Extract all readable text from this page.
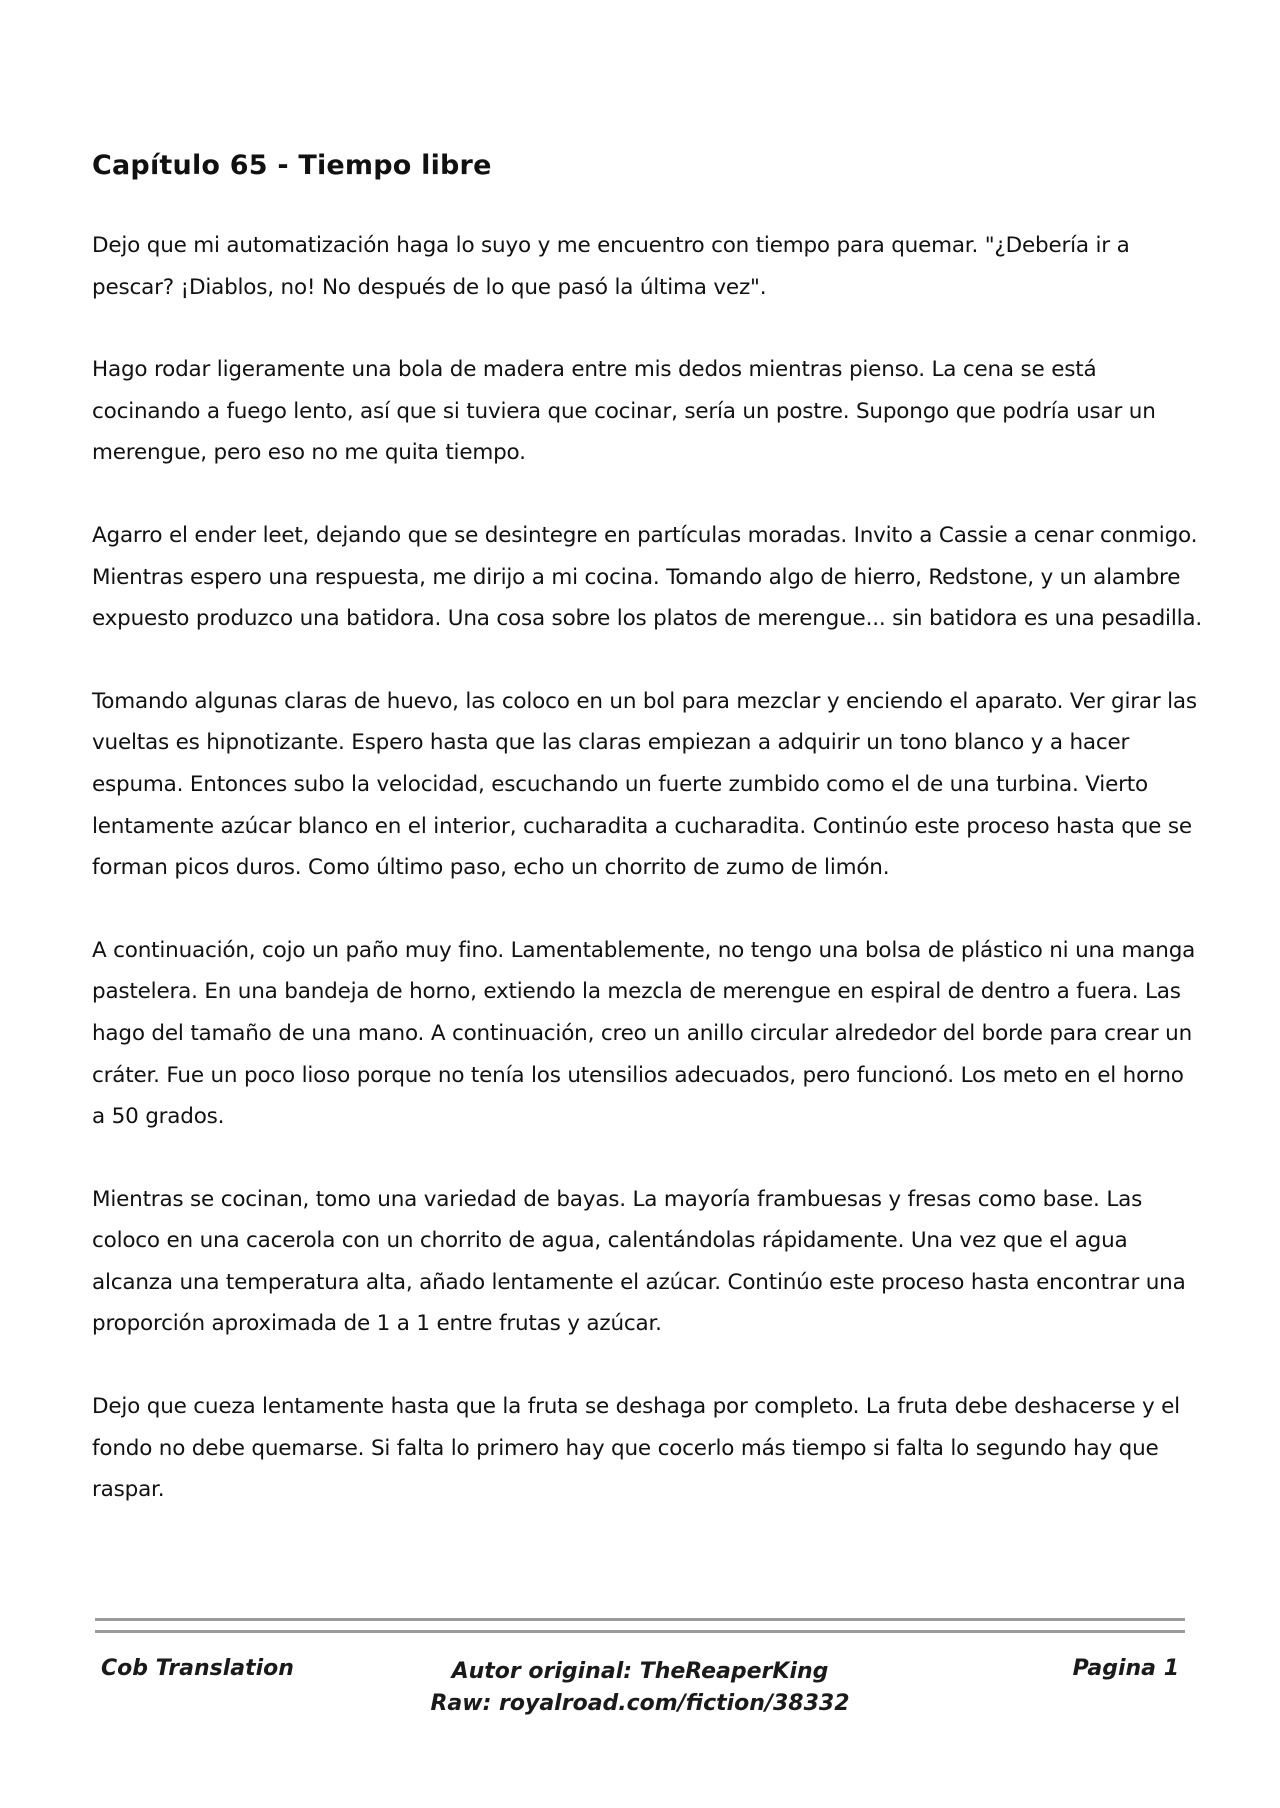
Capítulo 65 - Tiempo libre

Dejo que mi automatización haga lo suyo y me encuentro con tiempo para quemar. "¿Debería ir a pescar? ¡Diablos, no! No después de lo que pasó la última vez".

Hago rodar ligeramente una bola de madera entre mis dedos mientras pienso. La cena se está cocinando a fuego lento, así que si tuviera que cocinar, sería un postre. Supongo que podría usar un merengue, pero eso no me quita tiempo.

Agarro el ender leet, dejando que se desintegre en partículas moradas. Invito a Cassie a cenar conmigo. Mientras espero una respuesta, me dirijo a mi cocina. Tomando algo de hierro, Redstone, y un alambre expuesto produzco una batidora. Una cosa sobre los platos de merengue... sin batidora es una pesadilla.

Tomando algunas claras de huevo, las coloco en un bol para mezclar y enciendo el aparato. Ver girar las vueltas es hipnotizante. Espero hasta que las claras empiezan a adquirir un tono blanco y a hacer espuma. Entonces subo la velocidad, escuchando un fuerte zumbido como el de una turbina. Vierto lentamente azúcar blanco en el interior, cucharadita a cucharadita. Continúo este proceso hasta que se forman picos duros. Como último paso, echo un chorrito de zumo de limón.

A continuación, cojo un paño muy fino. Lamentablemente, no tengo una bolsa de plástico ni una manga pastelera. En una bandeja de horno, extiendo la mezcla de merengue en espiral de dentro a fuera. Las hago del tamaño de una mano. A continuación, creo un anillo circular alrededor del borde para crear un cráter. Fue un poco lioso porque no tenía los utensilios adecuados, pero funcionó. Los meto en el horno a 50 grados.

Mientras se cocinan, tomo una variedad de bayas. La mayoría frambuesas y fresas como base. Las coloco en una cacerola con un chorrito de agua, calentándolas rápidamente. Una vez que el agua alcanza una temperatura alta, añado lentamente el azúcar. Continúo este proceso hasta encontrar una proporción aproximada de 1 a 1 entre frutas y azúcar.

Dejo que cueza lentamente hasta que la fruta se deshaga por completo. La fruta debe deshacerse y el fondo no debe quemarse. Si falta lo primero hay que cocerlo más tiempo si falta lo segundo hay que raspar.

Cob Translation	Autor original: TheReaperKing
Raw: royalroad.com/fiction/38332
Pagina 1
